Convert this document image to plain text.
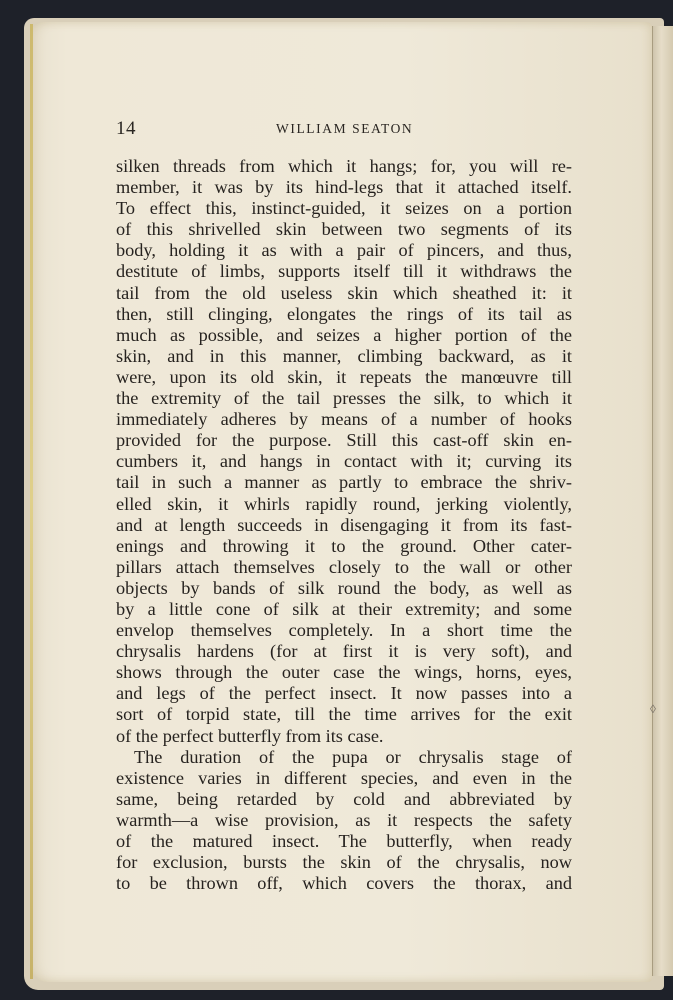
14	WILLIAM SEATON
silken threads from which it hangs; for, you will re-
member, it was by its hind-legs that it attached itself.
To effect this, instinct-guided, it seizes on a portion
of this shrivelled skin between two segments of its
body, holding it as with a pair of pincers, and thus,
destitute of limbs, supports itself till it withdraws the
tail from the old useless skin which sheathed it: it
then, still clinging, elongates the rings of its tail as
much as possible, and seizes a higher portion of the
skin, and in this manner, climbing backward, as it
were, upon its old skin, it repeats the manœuvre till
the extremity of the tail presses the silk, to which it
immediately adheres by means of a number of hooks
provided for the purpose. Still this cast-off skin en-
cumbers it, and hangs in contact with it; curving its
tail in such a manner as partly to embrace the shriv-
elled skin, it whirls rapidly round, jerking violently,
and at length succeeds in disengaging it from its fast-
enings and throwing it to the ground. Other cater-
pillars attach themselves closely to the wall or other
objects by bands of silk round the body, as well as
by a little cone of silk at their extremity; and some
envelop themselves completely. In a short time the
chrysalis hardens (for at first it is very soft), and
shows through the outer case the wings, horns, eyes,
and legs of the perfect insect. It now passes into a
sort of torpid state, till the time arrives for the exit
of the perfect butterfly from its case.
The duration of the pupa or chrysalis stage of
existence varies in different species, and even in the
same, being retarded by cold and abbreviated by
warmth—a wise provision, as it respects the safety
of the matured insect. The butterfly, when ready
for exclusion, bursts the skin of the chrysalis, now
to be thrown off, which covers the thorax, and
◊
